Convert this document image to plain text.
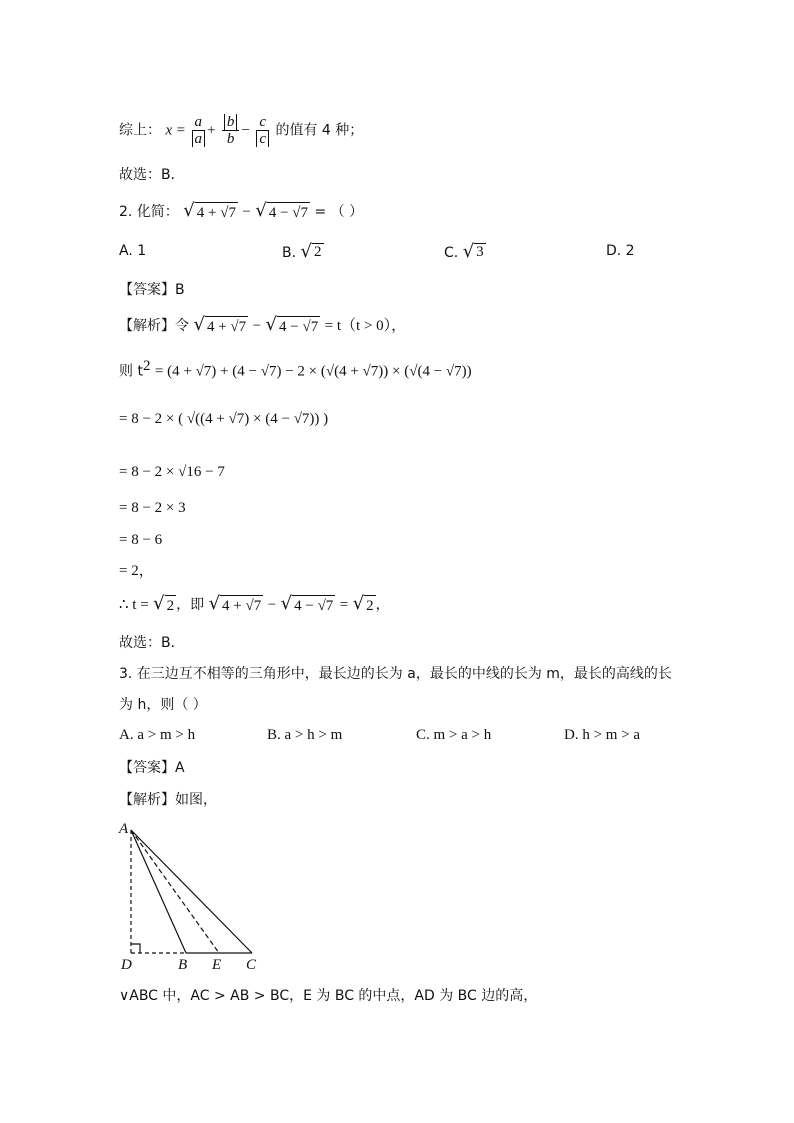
综上： $x = \frac{a}{a} + \frac{b}{b} - \frac{c}{c}$ 的值有 4 种；
故选：B．
2. 化简： √ 4 + √7 − √ 4 − √7 = （ ）
A. 1	B. √ 2	C. √ 3	D. 2
【答案】B
【解析】令 √ 4 + √7 − √ 4 − √7 = t（t > 0），
则 $t^2 = (4 + √7) + (4 - √7) - 2 \times (√(4 + √7)) \times (√(4 - √7))$
= 8 − 2 × ( √((4 + √7) × (4 − √7)) )
= 8 − 2 × √16 − 7
= 8 − 2 × 3
= 8 − 6
= 2，
∴ t = √ 2 ，即 √ 4 + √7 − √ 4 − √7 = √ 2 ，
故选：B．
3. 在三边互不相等的三角形中，最长边的长为 a，最长的中线的长为 m，最长的高线的长
为 h，则（ ）
A. a > m > h	B. a > h > m	C. m > a > h	D. h > m > a
【答案】A
【解析】如图，
A
D	B E C
∨ABC 中，AC > AB > BC，E 为 BC 的中点，AD 为 BC 边的高，
